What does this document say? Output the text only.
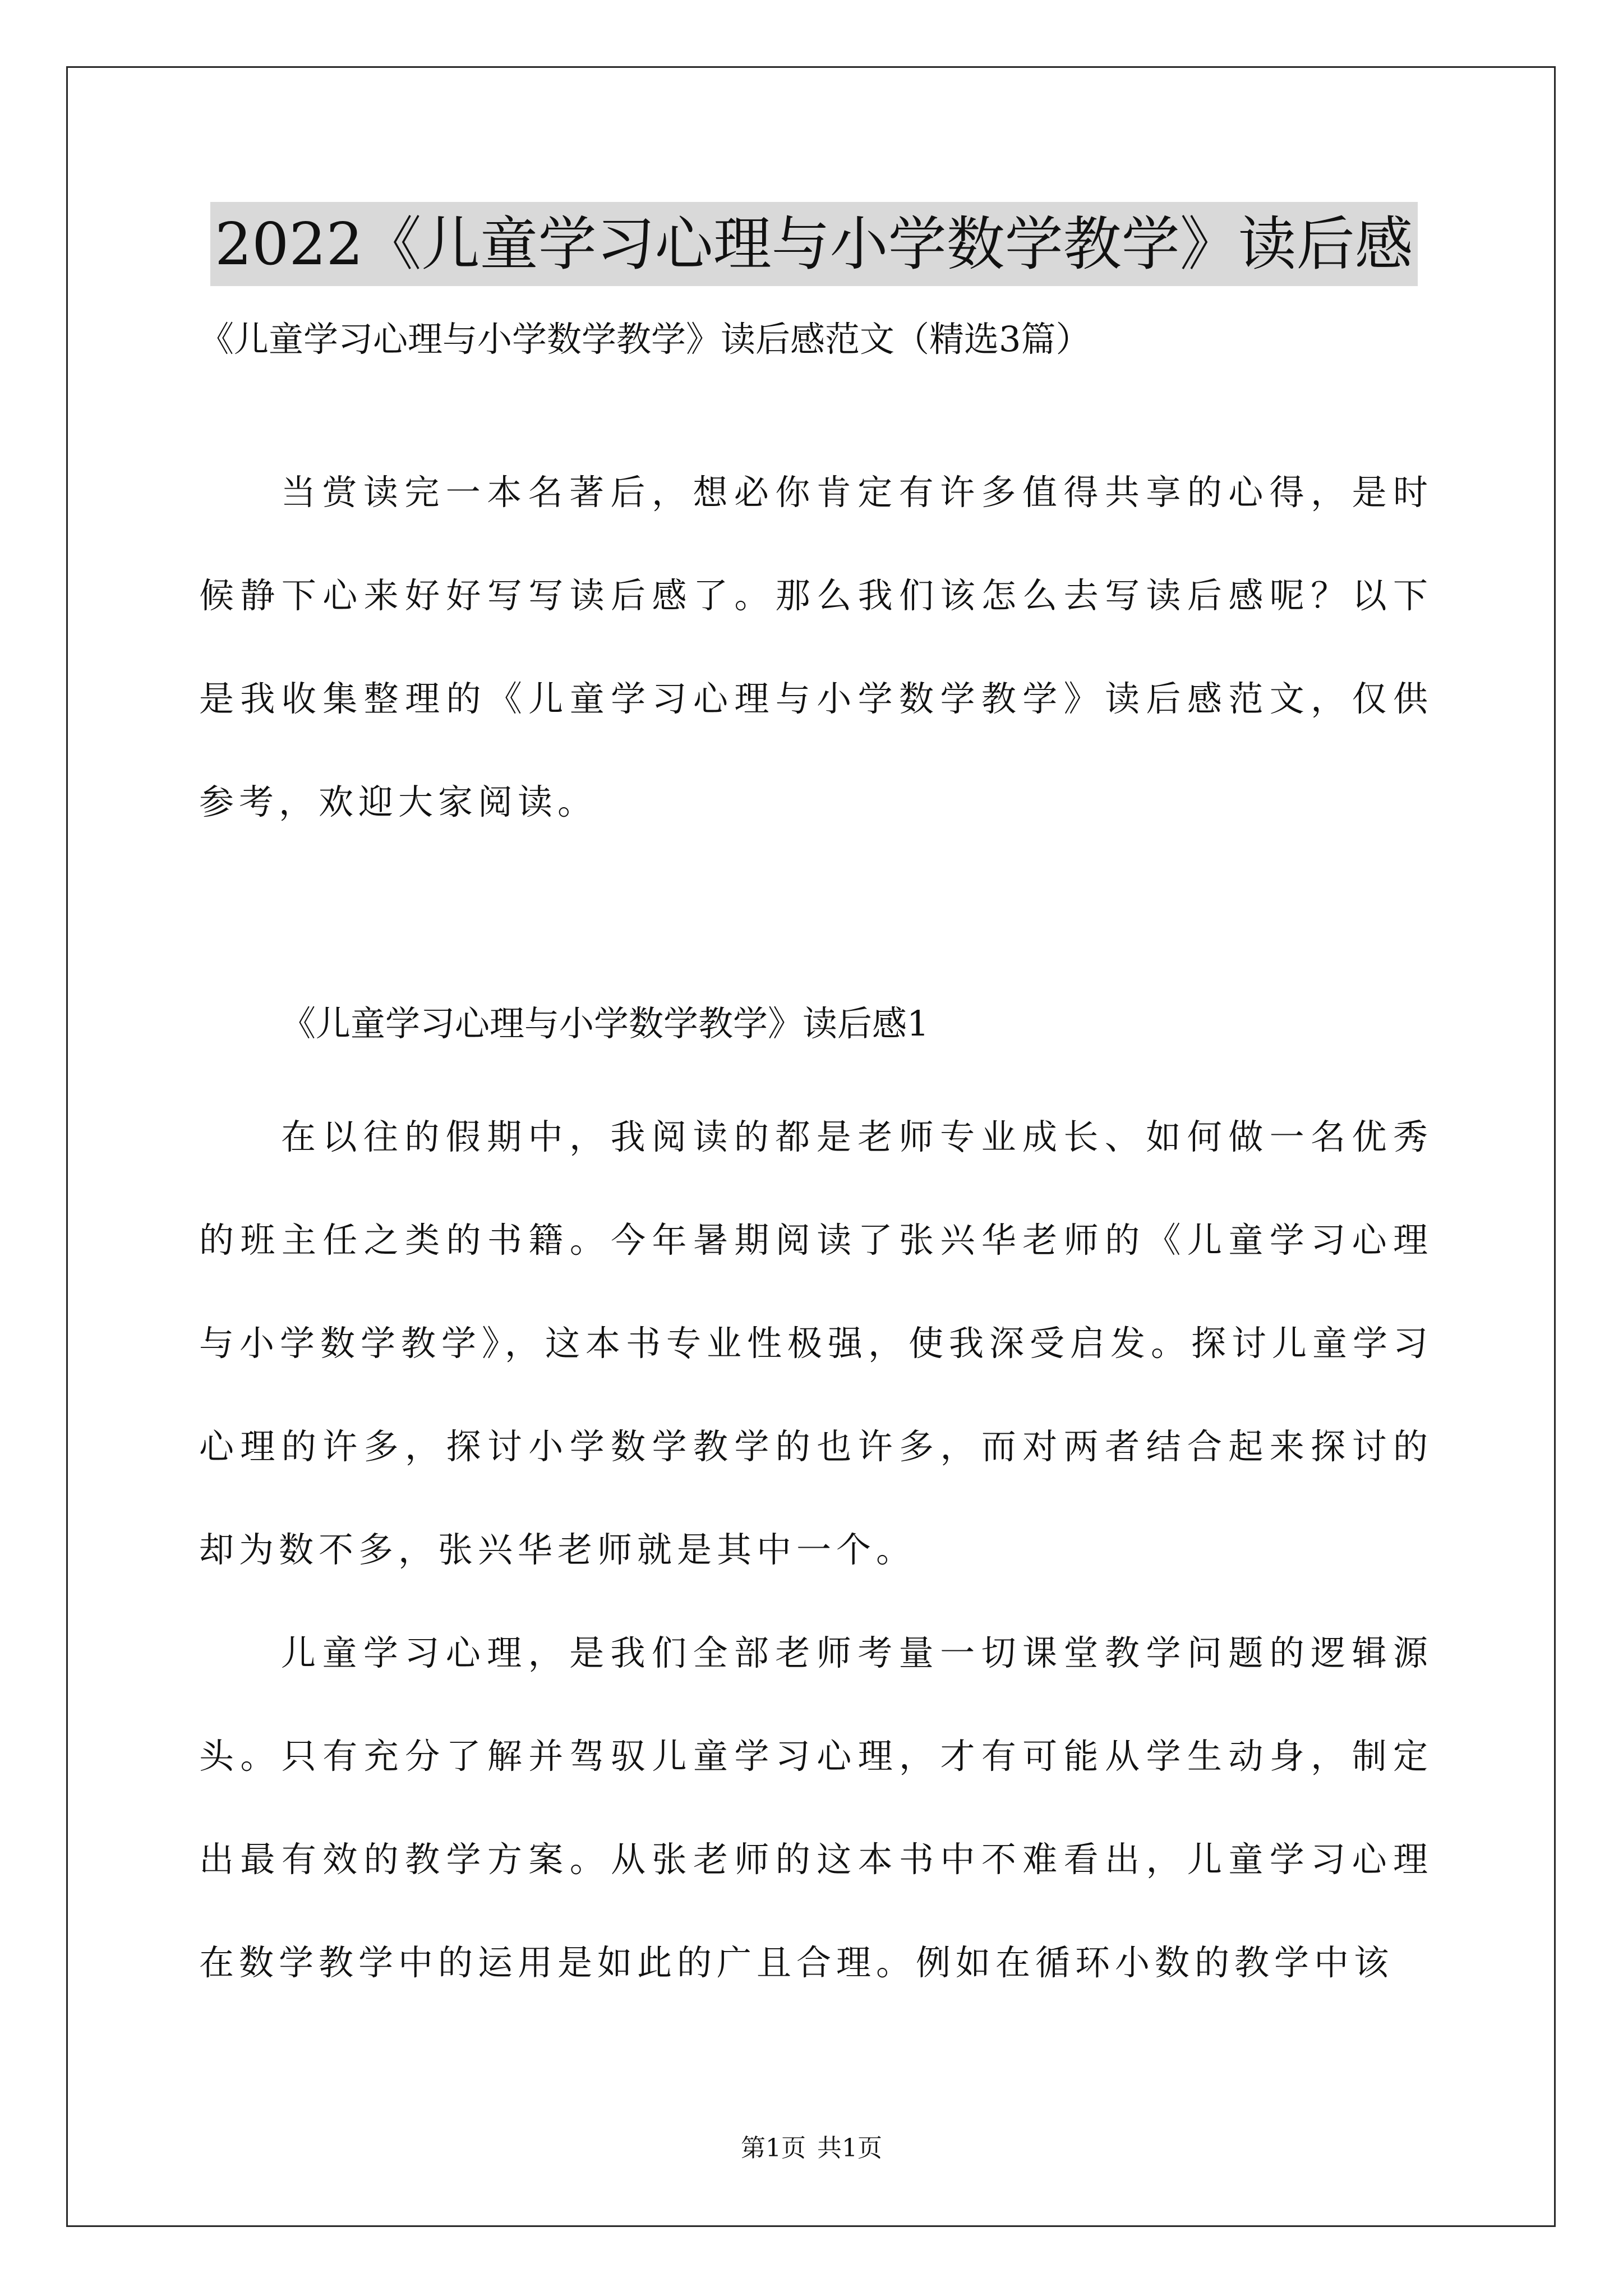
2022《儿童学习心理与小学数学教学》读后感
《儿童学习心理与小学数学教学》读后感范文（精选3篇）

当赏读完一本名著后，想必你肯定有许多值得共享的心得，是时候静下心来好好写写读后感了。那么我们该怎么去写读后感呢？以下是我收集整理的《儿童学习心理与小学数学教学》读后感范文，仅供参考，欢迎大家阅读。

《儿童学习心理与小学数学教学》读后感1

在以往的假期中，我阅读的都是老师专业成长、如何做一名优秀的班主任之类的书籍。今年暑期阅读了张兴华老师的《儿童学习心理与小学数学教学》，这本书专业性极强，使我深受启发。探讨儿童学习心理的许多，探讨小学数学教学的也许多，而对两者结合起来探讨的却为数不多，张兴华老师就是其中一个。

儿童学习心理，是我们全部老师考量一切课堂教学问题的逻辑源头。只有充分了解并驾驭儿童学习心理，才有可能从学生动身，制定出最有效的教学方案。从张老师的这本书中不难看出，儿童学习心理在数学教学中的运用是如此的广且合理。例如在循环小数的教学中该

第1页 共1页
